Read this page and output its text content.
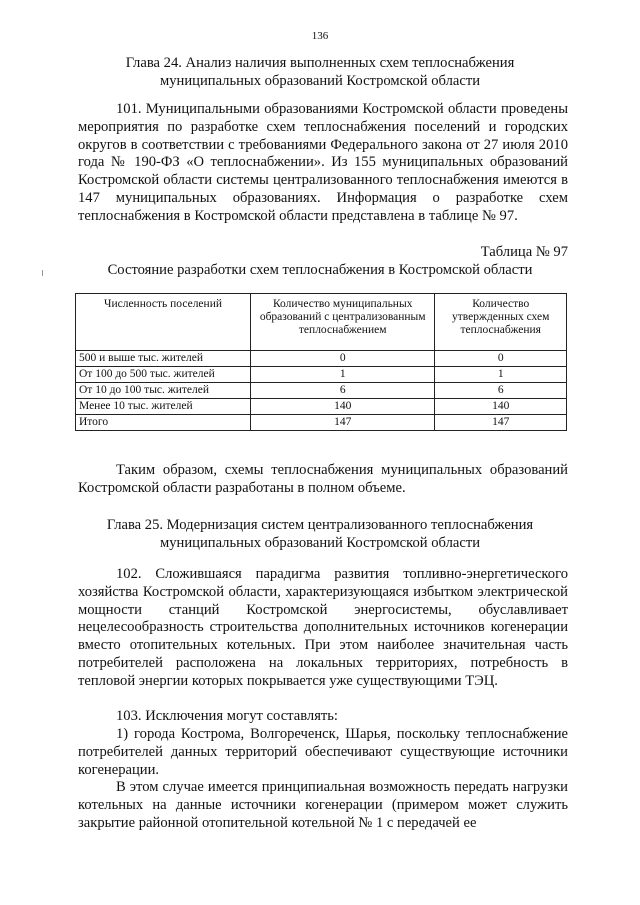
136
Глава 24. Анализ наличия выполненных схем теплоснабжения
муниципальных образований Костромской области
101. Муниципальными образованиями Костромской области проведены мероприятия по разработке схем теплоснабжения поселений и городских округов в соответствии с требованиями Федерального закона от 27 июля 2010 года № 190-ФЗ «О теплоснабжении». Из 155 муниципальных образований Костромской области системы централизованного теплоснабжения имеются в 147 муниципальных образованиях. Информация о разработке схем теплоснабжения в Костромской области представлена в таблице № 97.
Таблица № 97
Состояние разработки схем теплоснабжения в Костромской области
Численность поселений	Количество муниципальных образований с централизованным теплоснабжением	Количество утвержденных схем теплоснабжения
500 и выше тыс. жителей	0	0
От 100 до 500 тыс. жителей	1	1
От 10 до 100 тыс. жителей	6	6
Менее 10 тыс. жителей	140	140
Итого	147	147
Таким образом, схемы теплоснабжения муниципальных образований Костромской области разработаны в полном объеме.
Глава 25. Модернизация систем централизованного теплоснабжения
муниципальных образований Костромской области
102. Сложившаяся парадигма развития топливно-энергетического хозяйства Костромской области, характеризующаяся избытком электрической мощности станций Костромской энергосистемы, обуславливает нецелесообразность строительства дополнительных источников когенерации вместо отопительных котельных. При этом наиболее значительная часть потребителей расположена на локальных территориях, потребность в тепловой энергии которых покрывается уже существующими ТЭЦ.
103. Исключения могут составлять:
1) города Кострома, Волгореченск, Шарья, поскольку теплоснабжение потребителей данных территорий обеспечивают существующие источники когенерации.
В этом случае имеется принципиальная возможность передать нагрузки котельных на данные источники когенерации (примером может служить закрытие районной отопительной котельной № 1 с передачей ее
